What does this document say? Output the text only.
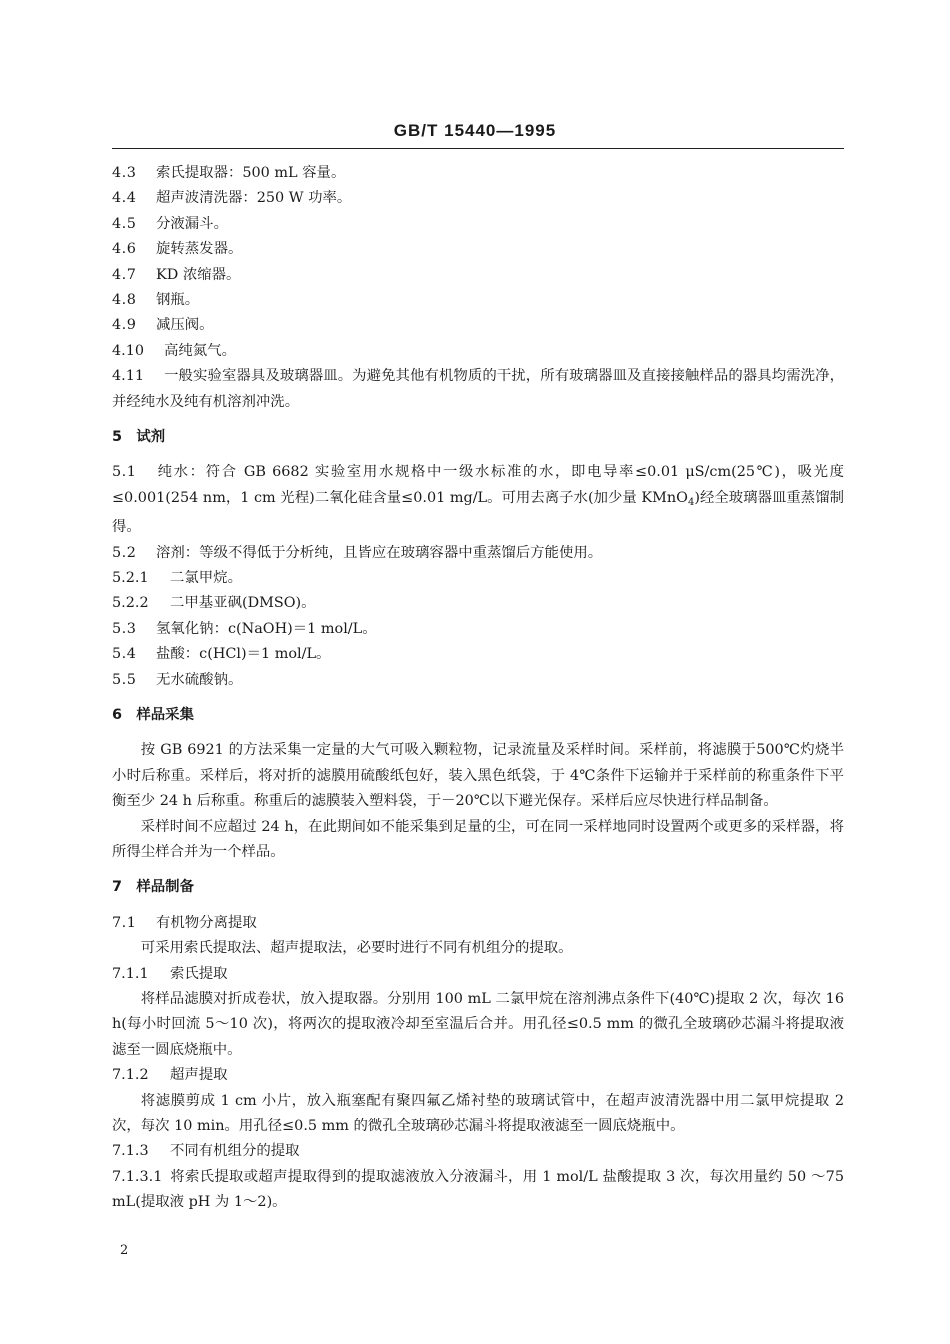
GB/T 15440—1995
4.3 索氏提取器：500 mL 容量。
4.4 超声波清洗器：250 W 功率。
4.5 分液漏斗。
4.6 旋转蒸发器。
4.7 KD 浓缩器。
4.8 钢瓶。
4.9 减压阀。
4.10 高纯氮气。
4.11 一般实验室器具及玻璃器皿。为避免其他有机物质的干扰，所有玻璃器皿及直接接触样品的器具均需洗净，并经纯水及纯有机溶剂冲洗。
5　试剂
5.1 纯水：符合 GB 6682 实验室用水规格中一级水标准的水，即电导率≤0.01 μS/cm(25℃)，吸光度≤0.001(254 nm，1 cm 光程)二氧化硅含量≤0.01 mg/L。可用去离子水(加少量 KMnO$_4$)经全玻璃器皿重蒸馏制得。
5.2 溶剂：等级不得低于分析纯，且皆应在玻璃容器中重蒸馏后方能使用。
5.2.1 二氯甲烷。
5.2.2 二甲基亚砜(DMSO)。
5.3 氢氧化钠：c(NaOH)＝1 mol/L。
5.4 盐酸：c(HCl)＝1 mol/L。
5.5 无水硫酸钠。
6　样品采集
按 GB 6921 的方法采集一定量的大气可吸入颗粒物，记录流量及采样时间。采样前，将滤膜于500℃灼烧半小时后称重。采样后，将对折的滤膜用硫酸纸包好，装入黑色纸袋，于 4℃条件下运输并于采样前的称重条件下平衡至少 24 h 后称重。称重后的滤膜装入塑料袋，于－20℃以下避光保存。采样后应尽快进行样品制备。
采样时间不应超过 24 h，在此期间如不能采集到足量的尘，可在同一采样地同时设置两个或更多的采样器，将所得尘样合并为一个样品。
7　样品制备
7.1 有机物分离提取
可采用索氏提取法、超声提取法，必要时进行不同有机组分的提取。
7.1.1 索氏提取
将样品滤膜对折成卷状，放入提取器。分别用 100 mL 二氯甲烷在溶剂沸点条件下(40℃)提取 2 次，每次 16 h(每小时回流 5～10 次)，将两次的提取液冷却至室温后合并。用孔径≤0.5 mm 的微孔全玻璃砂芯漏斗将提取液滤至一圆底烧瓶中。
7.1.2 超声提取
将滤膜剪成 1 cm 小片，放入瓶塞配有聚四氟乙烯衬垫的玻璃试管中，在超声波清洗器中用二氯甲烷提取 2 次，每次 10 min。用孔径≤0.5 mm 的微孔全玻璃砂芯漏斗将提取液滤至一圆底烧瓶中。
7.1.3 不同有机组分的提取
7.1.3.1 将索氏提取或超声提取得到的提取滤液放入分液漏斗，用 1 mol/L 盐酸提取 3 次，每次用量约 50 ～75 mL(提取液 pH 为 1～2)。
2
